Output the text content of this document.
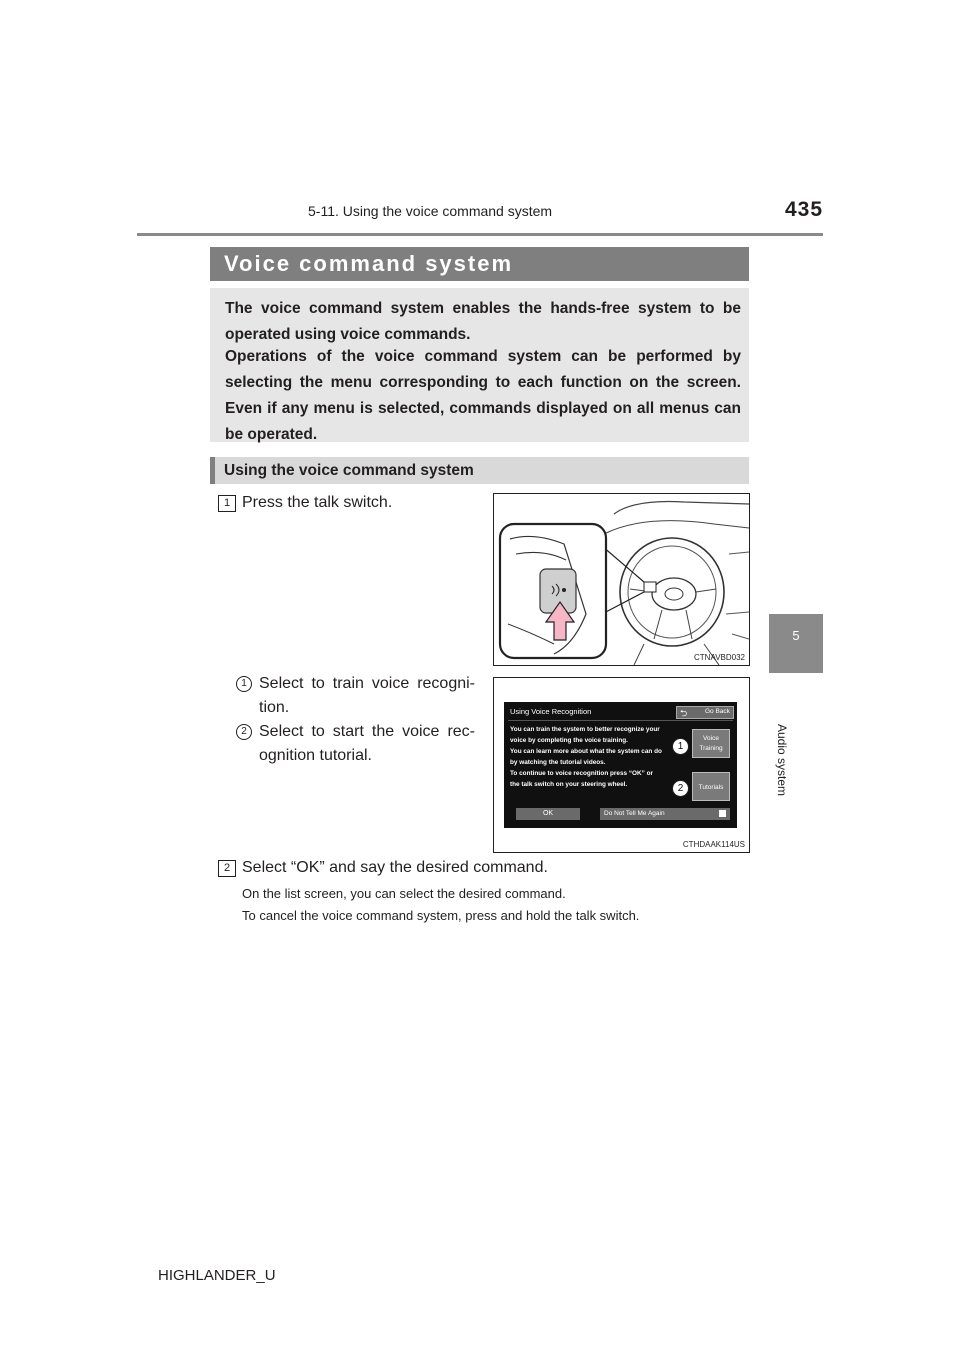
5-11. Using the voice command system	435
5
Audio system
Voice command system

The voice command system enables the hands-free system to be operated using voice commands.

Operations of the voice command system can be performed by selecting the menu corresponding to each function on the screen. Even if any menu is selected, commands displayed on all menus can be operated.

Using the voice command system
1 Press the talk switch.
CTNAVBD032
1 Select to train voice recogni-tion.
2 Select to start the voice rec-ognition tutorial.
Using Voice Recognition	⮌	Go Back
You can train the system to better recognize your
voice by completing the voice training.
You can learn more about what the system can do
by watching the tutorial videos.
To continue to voice recognition press “OK” or
the talk switch on your steering wheel.
Voice Training
Tutorials
OK	Do Not Tell Me Again
1
2
CTHDAAK114US
2 Select “OK” and say the desired command.
On the list screen, you can select the desired command.
To cancel the voice command system, press and hold the talk switch.
HIGHLANDER_U
